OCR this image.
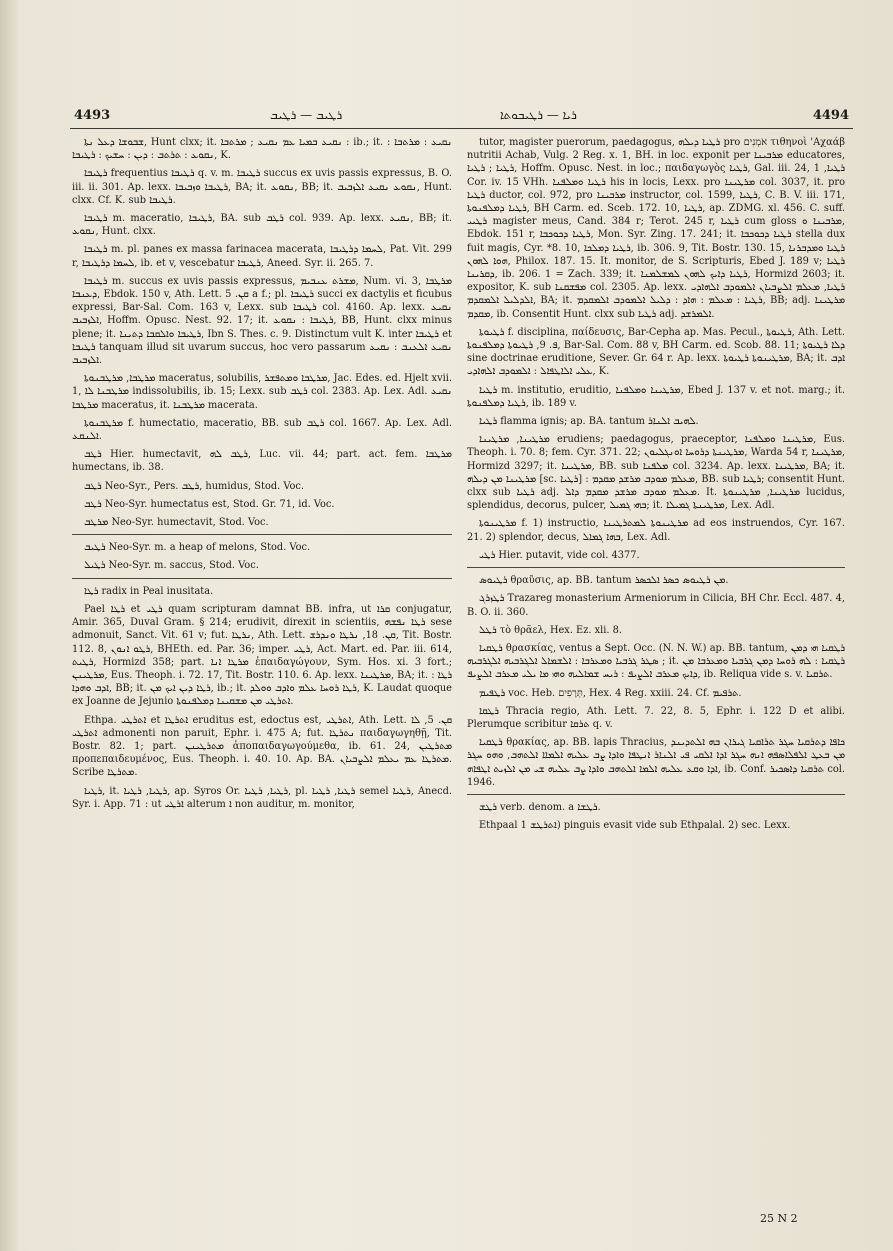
4493	ܪܛܝܒ — ܪܛܝܒ	ܪܝܐ — ܪܛܝܒܘܬܐ	4494

ܫܒܘܫܐ ܕܥܠ ܢܬܐ, Hunt clxx; it. ܢܩܝܥ ܒܡܝܐ ܥܡ ܢܩܝܥ ; ܡܪܬܒܐ : ib.; it. ܢܩܝܥ : ܡܪܬܒܐ : ܢܩܘܥ : ܬܪܬܒ : ܕܝܢ : ܚܫܝܟ : ܪܛܝܒܐ, K.

ܪܛܝܒܐ frequentius ܪܛܝܒܐ q. v. m. ܪܛܝܒܐ succus ex uvis passis expressus, B. O. iii. ii. 301. Ap. lexx. ܪܛܝܒܐ ܘܙܒܝܒܐ, BA; it. ܢܩܘܥ, BB; it. ܢܩܘܥ ܢܩܝܥ ܐܠܙܒܝܒ, Hunt. clxx. Cf. K. sub ܪܛܝܒܐ.

ܪܛܝܒܐ m. maceratio, ܪܛܝܒܐ, BA. sub ܪܛܒ col. 939. Ap. lexx. ܢܩܝܥ, BB; it. ܢܩܘܥ, Hunt. clxx.

ܪܛܝܒܐ m. pl. panes ex massa farinacea macerata, ܠܚܡܐ ܕܪܛܝܒܐ, Pat. Vit. 299 r, ܠܚܡܐ ܕܪܛܝܒܐ, ib. et v, vescebatur ܪܛܝܒܐ, Aneed. Syr. ii. 265. 7.

ܪܛܝܒܐ m. succus ex uvis passis expressus, ܡܫܪܬ ܥܢܒܝܡ, Num. vi. 3, ܡܪܛܒܐ ܕܥܢܒܐ, Ebdok. 150 v, Ath. Lett. ܩܢ. 5 a f.; pl. ܪܛܝܒܐ succi ex dactylis et ficubus expressi, Bar-Sal. Com. 163 v, Lexx. sub ܪܛܝܒܐ col. 4160. Ap. lexx. ܢܩܝܥ ܐܠܙܒܝܒ, Hoffm. Opusc. Nest. 92. 17; it. ܪܛܝܒܐ : ܢܩܘܥ, BB, Hunt. clxx minus plene; it. ܪܛܝܒܐ ܘܐܠܩܒܐ ܕܬܝܢܐ, Ibn S. Thes. c. 9. Distinctum vult K. inter ܪܛܝܒܐ et ܪܛܝܒܐ tanquam illud sit uvarum succus, hoc vero passarum ܢܩܝܥ ܐܠܥܢܒ : ܢܩܝܥ ܐܠܙܒܝܒ.

ܡܪܛܒܐ, ܡܪܛܒܢܘܬܐ maceratus, solubilis, ܡܪܛܒܐ ܘܡܬܦܫܪ, Jac. Edes. ed. Hjelt xvii. 1, ܡܪܛܒܢܐ ܠܐ indissolubilis, ib. 15; Lexx. sub ܪܛܒ col. 2383. Ap. Lex. Adl. ܢܩܝܥ ܡܪܛܒܐ maceratus, it. ܡܪܛܒܢܐ macerata.

ܡܪܛܒܢܘܬܐ f. humectatio, maceratio, BB. sub ܪܛܒ col. 1667. Ap. Lex. Adl. ܐܠܢܩܥ.

ܪܛܒ Hier. humectavit, ܪܛܒ ܠܗ, Luc. vii. 44; part. act. fem. ܡܪܛܒܐ humectans, ib. 38.

ܪܛܒ Neo-Syr., Pers. ܪܛܒ, humidus, Stod. Voc.

ܪܛܒ Neo-Syr. humectatus est, Stod. Gr. 71, id. Voc.

ܡܪܛܒ Neo-Syr. humectavit, Stod. Voc.

ܪܛܝܒ Neo-Syr. m. a heap of melons, Stod. Voc.

ܪܛܝܠ Neo-Syr. m. saccus, Stod. Voc.

ܪܛܐ radix in Peal inusitata.

Pael ܪܛܐ et ܪܛܝ quam scripturam damnat BB. infra, ut ܩܪܐ conjugatur, Amir. 365, Duval Gram. § 214; erudivit, direxit in scientiis, ܪܛܐ ܢܦܫܗ sese admonuit, Sanct. Vit. 61 v; fut. ܢܪܛܐ, Ath. Lett. ܩܢ. 18, ܢܪܛܐ ܘܢܕܪܫ, Tit. Bostr. 112. 8, ܪܛܘ ܐܢܘܢ, BHEth. ed. Par. 36; imper. ܪܛܝ, Act. Mart. ed. Par. iii. 614, ܪܛܝܬ, Hormizd 358; part. ܡܪܛܐ ܐܢܐ ἐπαιδαγώγουν, Sym. Hos. xi. 3 fort.; ܡܪܛܝܢܢ, Eus. Theoph. i. 72. 17, Tit. Bostr. 110. 6. Ap. lexx. ܡܪܛܝܢܐ, BA; it. ܪܛܐ : ܐܕܒ ܘܗܕܐ, BB; it. ܪܛܐ ܕܝܢ ܐܝܟ ܡܢ, ib.; it. ܪܛܐ ܪܘܚܐ ܥܠܡ ܘܐܕܒ ܘܘܠܕ, K. Laudat quoque ex Joanne de Jejunio ܐܬܪܛܝ ܡܢ ܡܫܩܝܢܐ ܕܡܠܦܢܘܬܐ.

Ethpa. ܐܬܪܛܝ et ܐܬܪܛܐ eruditus est, edoctus est, ܐܬܪܛܝ, Ath. Lett. ܩܢ. 5, ܠܐ ܐܬܪܛܝ admonenti non paruit, Ephr. i. 475 A; fut. ܢܬܪܛܐ παιδαγωγηθῇ, Tit. Bostr. 82. 1; part. ܡܬܪܛܝܢܢ ἀποπαιδαγωγούμεθα, ib. 61. 24, ܡܬܪܛܝܢ προπεπαιδευμένος, Eus. Theoph. i. 40. 10. Ap. BA. ܡܬܪܛܐ ܥܡ ܝܥܠܡ ܐܠܨܒܝܐܢ. Scribe ܡܬܪܛܐ.

ܪܛܝܐ, it. ܪܛܝܐ, ܪܛܝܐ, ap. Syros Or. ܪܛܝܐ, ܪܛܝܐ, pl. ܪܛܝܐ, ܪܛܝܐ semel ܪܛܝܐ, Anecd. Syr. i. App. 71 : ut ܐܪܛܝ alterum ܐ non auditur, m. monitor,

tutor, magister puerorum, paedagogus, ܪܛܝܐ ܕܝܠܗ pro אֹמְנִים τιθηνοὶ 'Αχαάβ nutritii Achab, Vulg. 2 Reg. x. 1, BH. in loc. exponit per ܡܪܒܝܢܐ educatores, ܪܛܝܐ ; ܪܛܝܐ, Hoffm. Opusc. Nest. in loc.; παιδαγωγὸς ܪܛܝܐ, Gal. iii. 24, ܪܛܝܐ, 1 Cor. iv. 15 VHh. ܪܛܝܐ ܘܡܠܦܢܐ his in locis, Lexx. pro ܡܪܛܝܢܐ col. 3037, it. pro ܪܛܝܐ ductor, col. 972, pro ܡܪܒܝܢܐ instructor, col. 1599, ܪܛܝܐ, C. B. V. iii. 171, ܪܛܝܐ ܕܡܠܦܢܘܬܐ, BH Carm. ed. Sceb. 172. 10, ܪܛܝܐ, ap. ZDMG. xl. 456. C. suff. ܪܛܝܝ magister meus, Cand. 384 r; Terot. 245 r, ܪܛܝܐ cum gloss ܡܪܒܝܢܐ ܘ, Ebdok. 151 r, ܪܛܝܐ ܕܟܘܟܒܐ, Mon. Syr. Zing. 17. 241; it. ܪܛܝܐ ܕܟܘܟܒܐ stella dux fuit magis, Cyr. *8. 10, ܪܛܝܐ ܕܡܠܟܐ, ib. 306. 9, Tit. Bostr. 130. 15, ܪܛܝܐ ܘܡܕܒܪܢܐ ܗܘܐ ܠܗܘܢ, Philox. 187. 15. It. monitor, de S. Scripturis, Ebed J. 189 v; ܪܛܝܐ ܕܩܪܝܢܐ, ib. 206. 1 = Zach. 339; it. ܪܛܝܐ ܕܐܝܟ ܠܗܘܢ ܠܡܫܠܡܢܐ, Hormizd 2603; it. expositor, K. sub ܡܦܫܩܢܐ col. 2305. Ap. lexx. ܪܛܝܐ, ܡܥܠܡ ܐܠܨܒܝܐܢ ܐܠܡܘܕܒ ܐܠܗܐܕܝ ܐܠܕܠܝܠ ܐܠܡܩܕܡ, BA; it. ܪܛܝܐ : ܡܥܠܡ : ܗܐܕ : ܕܠܝܠ ܐܠܡܘܕܒ ܐܠܡܩܕܡ, BB; adj. ܡܪܛܝܢܐ ܡܩܕܡ, ib. Consentit Hunt. clxx sub ܪܛܝܐ adj. ܐܠܡܪܫܕ.

ܪܛܝܘܬܐ f. disciplina, παίδευσις, Bar-Cepha ap. Mas. Pecul., ܪܛܝܘܬܐ, Ath. Lett. ܦ. 9, ܪܛܝܘܬܐ ܕܡܠܦܢܘܬܐ, Bar-Sal. Com. 88 v, BH Carm. ed. Scob. 88. 11; ܕܠܐ ܪܛܝܘܬܐ sine doctrinae eruditione, Sever. Gr. 64 r. Ap. lexx. ܡܪܛܝܢܘܬܐ ܪܛܝܘܬܐ, BA; it. ܐܕܒ ܥܠܝ ܐܠܐܛܦܐܠ : ܐܠܡܘܕܒ ܐܠܗܐܕܝ, K.

ܪܛܝܐ m. institutio, eruditio, ܡܪܛܝܢܐ ܘܡܠܦܢܐ, Ebed J. 137 v. et not. marg.; it. ܪܛܝܐ ܕܡܠܦܢܘܬܐ, ib. 189 v.

ܪܛܝܐ flamma ignis; ap. BA. tantum ܠܗܝܒ ܐܠܢܐܪ.

ܡܪܛܝܢܐ, ܡܪܛܝܢܐ erudiens; paedagogus, praeceptor, ܡܪܛܝܢܐ ܘܡܠܦܢܐ, Eus. Theoph. i. 70. 8; fem. Cyr. 371. 22; ܡܪܛܝܢܬܐ ܕܪܘܚܐ ܐܘܢܓܠܝܘܢ, Warda 54 r, ܡܪܛܝܢܐ, Hormizd 3297; it. ܡܪܛܝܢܐ, BB. sub ܡܠܦܢܐ col. 3234. Ap. lexx. ܡܪܛܝܢܐ, BA; it. ܡܪܛܝܢܐ ܡܢ ܕܝܠܗ [sc. ܪܛܝܐ] : ܡܥܠܡ ܡܘܕܒ ܡܪܫܕ ܡܩܕܡ, BB. sub ܪܛܝܐ; consentit Hunt. clxx sub ܪܛܝܐ adj. ܡܥܠܡ ܡܘܕܒ ܡܪܫܕ ܡܩܕܡ ܕܐܠ. It. ܡܪܛܝܢܐ, ܡܪܛܝܢܘܬܐ lucidus, splendidus, decorus, pulcer, ܒܗܝ ܓܡܝܠ; it. ܡܪܛܝܢܬܐ ܓܡܝܠܐ, Lex. Adl.

ܡܪܛܝܢܘܬܐ f. 1) instructio, ܡܪܛܝܢܘܬܐ ܠܡܬܪܛܝܢܐ ad eos instruendos, Cyr. 167. 21. 2) splendor, decus, ܒܗܐ ܓܡܐܠ, Lex. Adl.

ܪܛܝ Hier. putavit, vide col. 4377.

ܪܛܝܘܣ θραῦσις, ap. BB. tantum ܡܢ ܪܛܝܘܣ ܟܣܪ ܐܠܟܣܪ.

ܪܛܙܪܓ Trazareg monasterium Armeniorum in Cilicia, BH Chr. Eccl. 487. 4, B. O. ii. 360.

ܪܛܠ τὸ θρᾶελ, Hex. Ez. xli. 8.

ܪܛܩܝܐ θρασκίας, ventus a Sept. Occ. (N. N. W.) ap. BB. tantum, ܪܛܩܝܐ ܗܝ ܕܡܢ ܣܛܪ ܓܪܒܝܐ ܘܡܥܪܒܐ : ܐܠܫܡܐܠ ܐܠܓܪܒܝܗ ܐܠܓܪܒܝܗ ; it. ܪܛܩܝܐ : ܠܗ ܪܘܚܐ ܕܡܢ ܓܪܒܝܐ ܘܡܥܪܒܐ ܡܢ ܕܐܝܟ ܡܥܪܒ ܐܠܨܝܦ : ܪܝܚ ܫܡܐܠܝܗ ܘܗܝ ܡܐ ܝܠܝ ܡܥܪܒ ܐܠܨܝܦ, ib. Reliqua vide s. v. ܬܪܩܝܐ.

ܪܛܦܝܡ voc. Heb. תְּרָפִים, Hex. 4 Reg. xxiii. 24. Cf. ܬܪܦܝܡ.

ܪܛܩܐ Thracia regio, Ath. Lett. 7. 22, 8. 5, Ephr. i. 122 D et alibi. Plerumque scribitur ܬܪܩܐ q. v.

ܪܛܩܝܐ θρακίας, ap. BB. lapis Thracius, ܟܐܦܐ ܕܬܪܩܝܐ ܚܓܪ ܬܪܐܩܝܐ ܓܝܪܐܢ ܒܗ ܐܠܬܕܝܢܕ ܡܢ ܒܥܛ ܐܠܦܠܐܣܦܗ ܐܢܗ ܚܓܪ ܐܕܐ ܐܠܩܝ ܦܝ ܐܠܢܐܪ ܐܢܛܦܐ ܘܐܕܐ ܨܒ ܥܠܝܗ ܐܠܡܐܐ ܐܠܬܗܒ, ܘܗܘ ܚܓܪ ܐܕܐ ܘܩܥ ܥܠܝܗ ܐܠܡܐ ܐܠܬܗܒ ܘܐܕܐ ܨܒ ܥܠܝܗ ܫܝ ܡܢ ܐܠܙܝܬ ܐܛܦܐܗ, ib. Conf. ܬܪܩܝܐ ܕܐܣܟܝܪ col. 1946.

ܪܛܫ verb. denom. a ܪܛܫܐ.

Ethpaal ܐܬܪܛܫ 1) pinguis evasit vide sub Ethpalal. 2) sec. Lexx.

25 N 2
